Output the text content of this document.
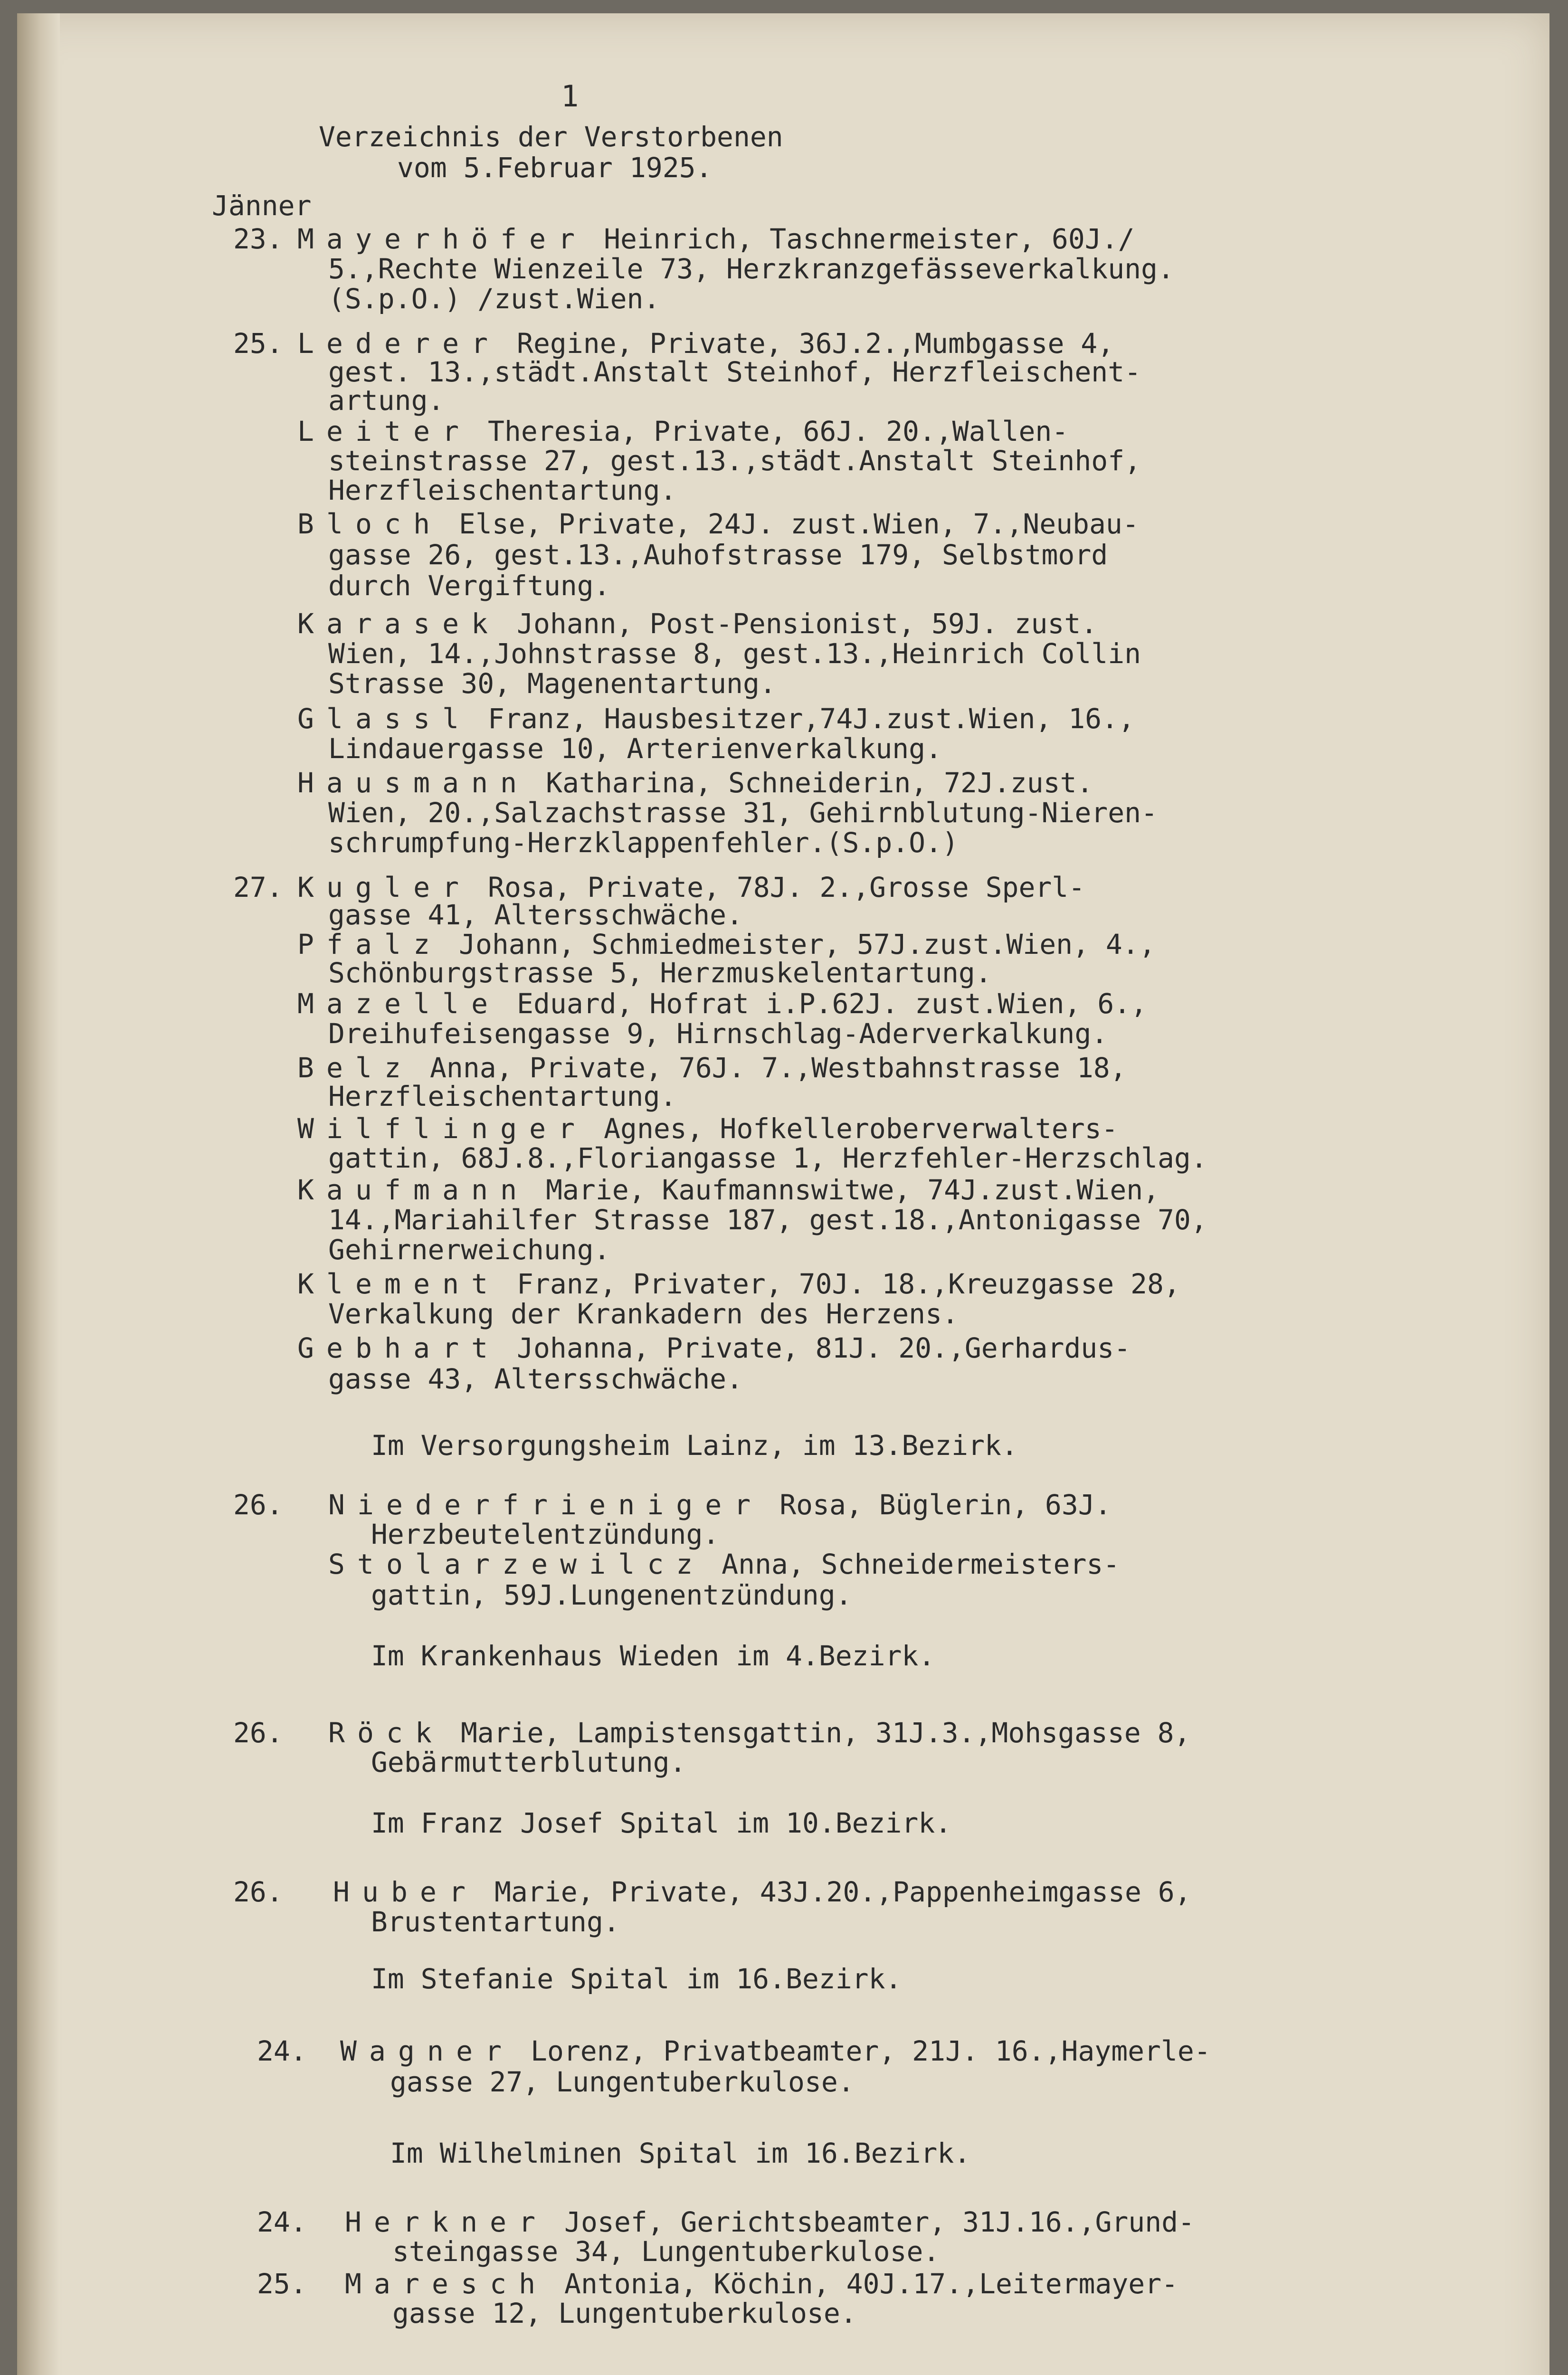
1
Verzeichnis der Verstorbenen
vom 5.Februar 1925.
Jänner
23. Mayerhöfer Heinrich, Taschnermeister, 60J./
5.,Rechte Wienzeile 73, Herzkranzgefässeverkalkung.
(S.p.O.) /zust.Wien.
25. Lederer Regine, Private, 36J.2.,Mumbgasse 4,
gest. 13.,städt.Anstalt Steinhof, Herzfleischent-
artung.
Leiter Theresia, Private, 66J. 20.,Wallen-
steinstrasse 27, gest.13.,städt.Anstalt Steinhof,
Herzfleischentartung.
Bloch Else, Private, 24J. zust.Wien, 7.,Neubau-
gasse 26, gest.13.,Auhofstrasse 179, Selbstmord
durch Vergiftung.
Karasek Johann, Post-Pensionist, 59J. zust.
Wien, 14.,Johnstrasse 8, gest.13.,Heinrich Collin
Strasse 30, Magenentartung.
Glassl Franz, Hausbesitzer,74J.zust.Wien, 16.,
Lindauergasse 10, Arterienverkalkung.
Hausmann Katharina, Schneiderin, 72J.zust.
Wien, 20.,Salzachstrasse 31, Gehirnblutung-Nieren-
schrumpfung-Herzklappenfehler.(S.p.O.)
27. Kugler Rosa, Private, 78J. 2.,Grosse Sperl-
gasse 41, Altersschwäche.
Pfalz Johann, Schmiedmeister, 57J.zust.Wien, 4.,
Schönburgstrasse 5, Herzmuskelentartung.
Mazelle Eduard, Hofrat i.P.62J. zust.Wien, 6.,
Dreihufeisengasse 9, Hirnschlag-Aderverkalkung.
Belz Anna, Private, 76J. 7.,Westbahnstrasse 18,
Herzfleischentartung.
Wilflinger Agnes, Hofkelleroberverwalters-
gattin, 68J.8.,Floriangasse 1, Herzfehler-Herzschlag.
Kaufmann Marie, Kaufmannswitwe, 74J.zust.Wien,
14.,Mariahilfer Strasse 187, gest.18.,Antonigasse 70,
Gehirnerweichung.
Klement Franz, Privater, 70J. 18.,Kreuzgasse 28,
Verkalkung der Krankadern des Herzens.
Gebhart Johanna, Private, 81J. 20.,Gerhardus-
gasse 43, Altersschwäche.
Im Versorgungsheim Lainz, im 13.Bezirk.
26. Niederfrieniger Rosa, Büglerin, 63J.
Herzbeutelentzündung.
Stolarzewilcz Anna, Schneidermeisters-
gattin, 59J.Lungenentzündung.
Im Krankenhaus Wieden im 4.Bezirk.
26. Röck Marie, Lampistensgattin, 31J.3.,Mohsgasse 8,
Gebärmutterblutung.
Im Franz Josef Spital im 10.Bezirk.
26. Huber Marie, Private, 43J.20.,Pappenheimgasse 6,
Brustentartung.
Im Stefanie Spital im 16.Bezirk.
24. Wagner Lorenz, Privatbeamter, 21J. 16.,Haymerle-
gasse 27, Lungentuberkulose.
Im Wilhelminen Spital im 16.Bezirk.
24. Herkner Josef, Gerichtsbeamter, 31J.16.,Grund-
steingasse 34, Lungentuberkulose.
25. Maresch Antonia, Köchin, 40J.17.,Leitermayer-
gasse 12, Lungentuberkulose.
